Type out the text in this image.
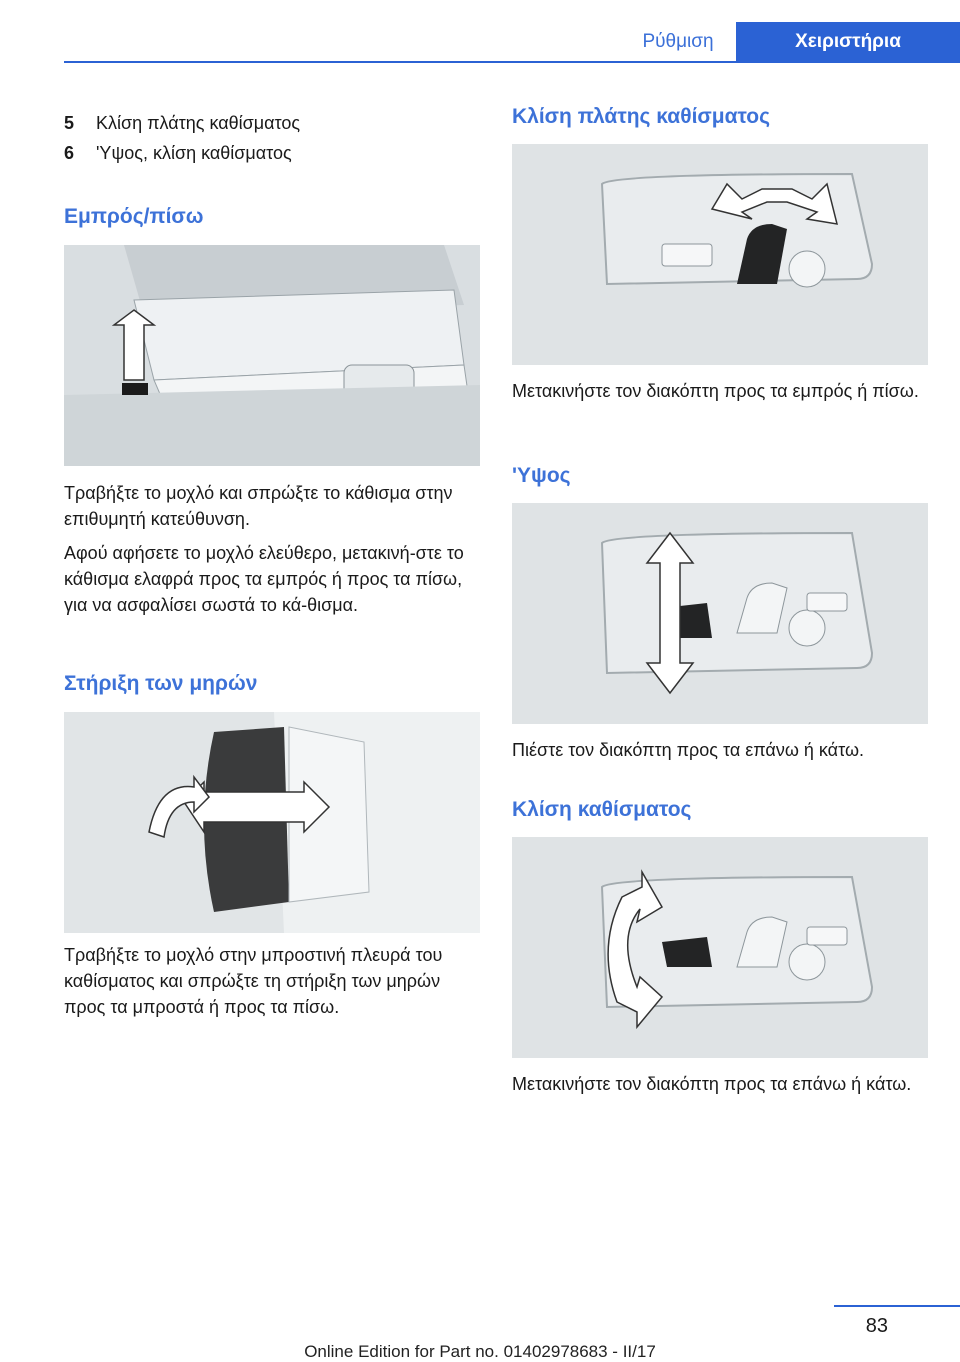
Ρύθμιση	Χειριστήρια
5	Κλίση πλάτης καθίσματος
6	'Υψος, κλίση καθίσματος
Εμπρός/πίσω

Τραβήξτε το μοχλό και σπρώξτε το κάθισμα στην επιθυμητή κατεύθυνση.

Αφού αφήσετε το μοχλό ελεύθερο, μετακινή‐στε το κάθισμα ελαφρά προς τα εμπρός ή προς τα πίσω, για να ασφαλίσει σωστά το κά‐θισμα.

Στήριξη των μηρών

Τραβήξτε το μοχλό στην μπροστινή πλευρά του καθίσματος και σπρώξτε τη στήριξη των μηρών προς τα μπροστά ή προς τα πίσω.

Κλίση πλάτης καθίσματος

Μετακινήστε τον διακόπτη προς τα εμπρός ή πίσω.

'Υψος

Πιέστε τον διακόπτη προς τα επάνω ή κάτω.

Κλίση καθίσματος

Μετακινήστε τον διακόπτη προς τα επάνω ή κάτω.

83
Online Edition for Part no. 01402978683 - II/17
